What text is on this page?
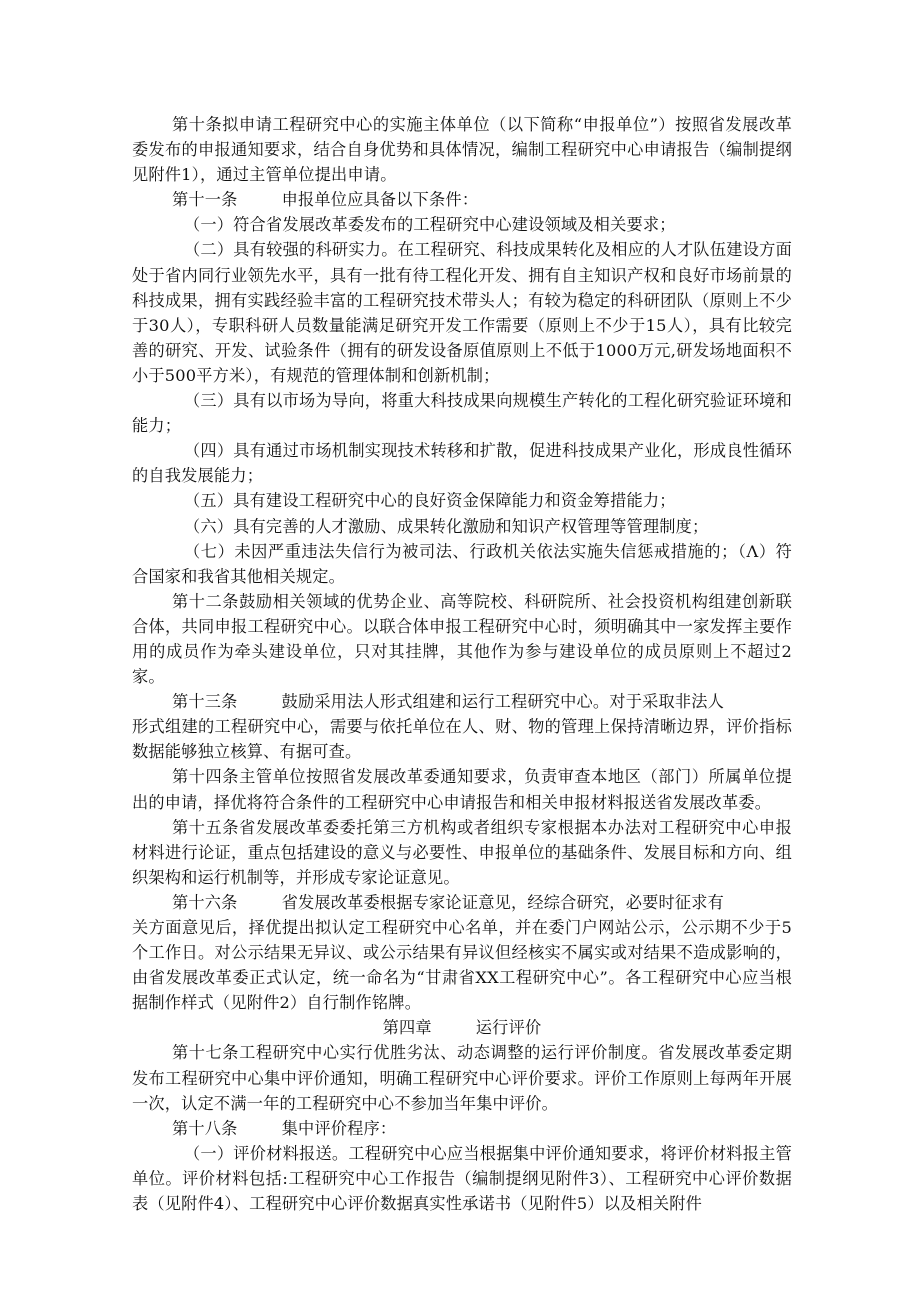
第十条拟申请工程研究中心的实施主体单位（以下简称“申报单位”）按照省发展改革委发布的申报通知要求，结合自身优势和具体情况，编制工程研究中心申请报告（编制提纲见附件1），通过主管单位提出申请。

第十一条	申报单位应具备以下条件：

（一）符合省发展改革委发布的工程研究中心建设领域及相关要求；

（二）具有较强的科研实力。在工程研究、科技成果转化及相应的人才队伍建设方面处于省内同行业领先水平，具有一批有待工程化开发、拥有自主知识产权和良好市场前景的科技成果，拥有实践经验丰富的工程研究技术带头人；有较为稳定的科研团队（原则上不少于30人），专职科研人员数量能满足研究开发工作需要（原则上不少于15人），具有比较完善的研究、开发、试验条件（拥有的研发设备原值原则上不低于1000万元,研发场地面积不小于500平方米），有规范的管理体制和创新机制；

（三）具有以市场为导向，将重大科技成果向规模生产转化的工程化研究验证环境和能力；

（四）具有通过市场机制实现技术转移和扩散，促进科技成果产业化，形成良性循环的自我发展能力；

（五）具有建设工程研究中心的良好资金保障能力和资金筹措能力；

（六）具有完善的人才激励、成果转化激励和知识产权管理等管理制度；

（七）未因严重违法失信行为被司法、行政机关依法实施失信惩戒措施的；（Λ）符合国家和我省其他相关规定。

第十二条鼓励相关领域的优势企业、高等院校、科研院所、社会投资机构组建创新联合体，共同申报工程研究中心。以联合体申报工程研究中心时，须明确其中一家发挥主要作用的成员作为牵头建设单位，只对其挂牌，其他作为参与建设单位的成员原则上不超过2家。

第十三条	鼓励采用法人形式组建和运行工程研究中心。对于采取非法人

形式组建的工程研究中心，需要与依托单位在人、财、物的管理上保持清晰边界，评价指标数据能够独立核算、有据可查。

第十四条主管单位按照省发展改革委通知要求，负责审查本地区（部门）所属单位提出的申请，择优将符合条件的工程研究中心申请报告和相关申报材料报送省发展改革委。

第十五条省发展改革委委托第三方机构或者组织专家根据本办法对工程研究中心申报材料进行论证，重点包括建设的意义与必要性、申报单位的基础条件、发展目标和方向、组织架构和运行机制等，并形成专家论证意见。

第十六条	省发展改革委根据专家论证意见，经综合研究，必要时征求有

关方面意见后，择优提出拟认定工程研究中心名单，并在委门户网站公示，公示期不少于5个工作日。对公示结果无异议、或公示结果有异议但经核实不属实或对结果不造成影响的，由省发展改革委正式认定，统一命名为“甘肃省XX工程研究中心”。各工程研究中心应当根据制作样式（见附件2）自行制作铭牌。

第四章	运行评价

第十七条工程研究中心实行优胜劣汰、动态调整的运行评价制度。省发展改革委定期发布工程研究中心集中评价通知，明确工程研究中心评价要求。评价工作原则上每两年开展一次，认定不满一年的工程研究中心不参加当年集中评价。

第十八条	集中评价程序：

（一）评价材料报送。工程研究中心应当根据集中评价通知要求，将评价材料报主管单位。评价材料包括:工程研究中心工作报告（编制提纲见附件3）、工程研究中心评价数据表（见附件4）、工程研究中心评价数据真实性承诺书（见附件5）以及相关附件
